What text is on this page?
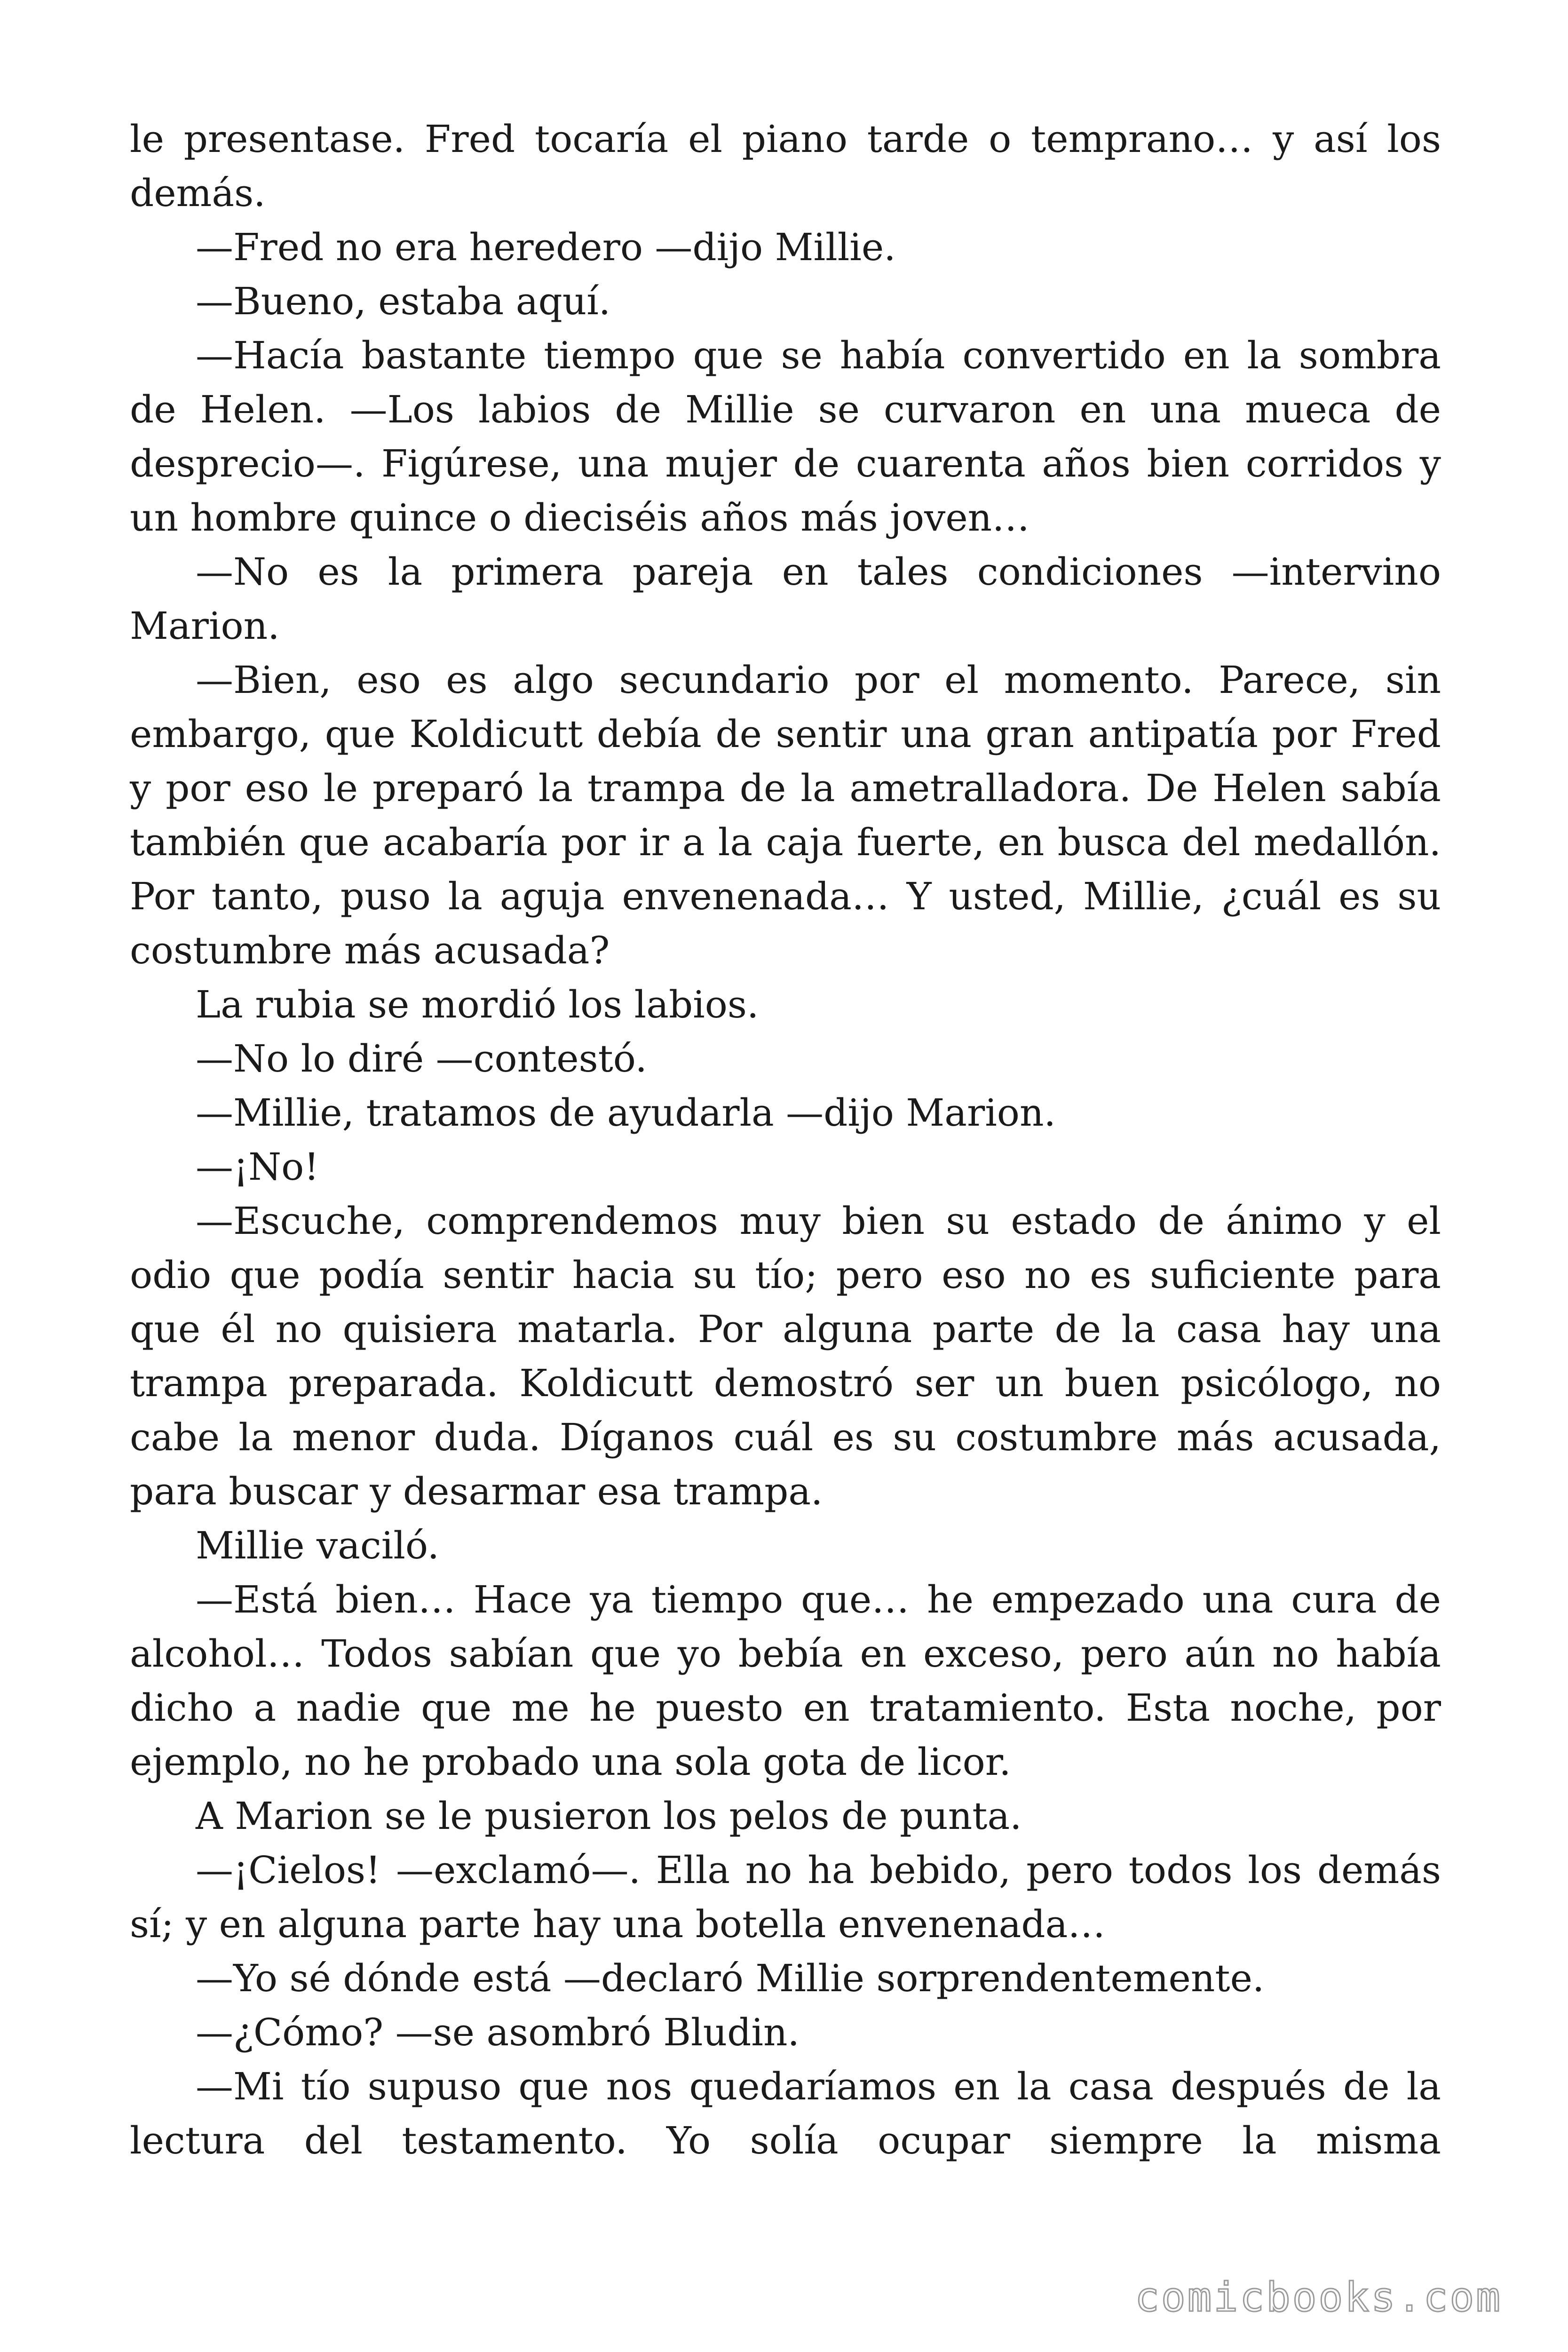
le presentase. Fred tocaría el piano tarde o temprano… y así los demás.

—Fred no era heredero —dijo Millie.

—Bueno, estaba aquí.

—Hacía bastante tiempo que se había convertido en la sombra de Helen. —Los labios de Millie se curvaron en una mueca de desprecio—. Figúrese, una mujer de cuarenta años bien corridos y un hombre quince o dieciséis años más joven…

—No es la primera pareja en tales condiciones —intervino Marion.

—Bien, eso es algo secundario por el momento. Parece, sin embargo, que Koldicutt debía de sentir una gran antipatía por Fred y por eso le preparó la trampa de la ametralladora. De Helen sabía también que acabaría por ir a la caja fuerte, en busca del medallón. Por tanto, puso la aguja envenenada… Y usted, Millie, ¿cuál es su costumbre más acusada?

La rubia se mordió los labios.

—No lo diré —contestó.

—Millie, tratamos de ayudarla —dijo Marion.

—¡No!

—Escuche, comprendemos muy bien su estado de ánimo y el odio que podía sentir hacia su tío; pero eso no es suficiente para que él no quisiera matarla. Por alguna parte de la casa hay una trampa preparada. Koldicutt demostró ser un buen psicólogo, no cabe la menor duda. Díganos cuál es su costumbre más acusada, para buscar y desarmar esa trampa.

Millie vaciló.

—Está bien… Hace ya tiempo que… he empezado una cura de alcohol… Todos sabían que yo bebía en exceso, pero aún no había dicho a nadie que me he puesto en tratamiento. Esta noche, por ejemplo, no he probado una sola gota de licor.

A Marion se le pusieron los pelos de punta.

—¡Cielos! —exclamó—. Ella no ha bebido, pero todos los demás sí; y en alguna parte hay una botella envenenada…

—Yo sé dónde está —declaró Millie sorprendentemente.

—¿Cómo? —se asombró Bludin.

—Mi tío supuso que nos quedaríamos en la casa después de la lectura del testamento. Yo solía ocupar siempre la misma

comicbooks.com
